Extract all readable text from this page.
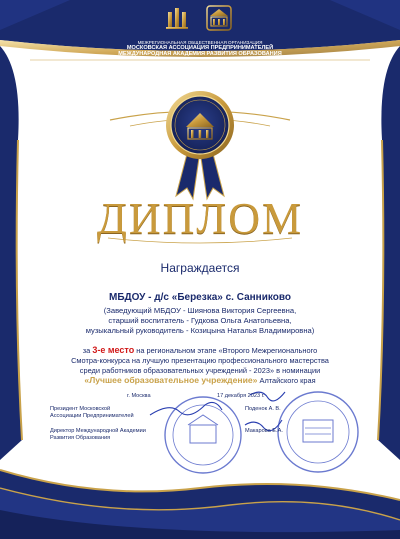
МЕЖРЕГИОНАЛЬНАЯ ОБЩЕСТВЕННАЯ ОРГАНИЗАЦИЯ
МОСКОВСКАЯ АССОЦИАЦИЯ ПРЕДПРИНИМАТЕЛЕЙ
МЕЖДУНАРОДНАЯ АКАДЕМИЯ РАЗВИТИЯ ОБРАЗОВАНИЯ
ДИПЛОМ
Награждается
МБДОУ - д/с «Березка» с. Санниково
(Заведующий МБДОУ - Шиянова Виктория Сергеевна,
старший воспитатель - Гудкова Ольга Анатольевна,
музыкальный руководитель - Козицына Наталья Владимировна)
за 3-е место на региональном этапе «Второго Межрегионального
Смотра-конкурса на лучшую презентацию профессионального мастерства
среди работников образовательных учреждений - 2023» в номинации
«Лучшее образовательное учреждение» Алтайского края
г. Москва	17 декабря 2023 г.
Президент Московской
Ассоциации Предпринимателей
Поденок А. В.
Директор Международной Академии
Развития Образования
Макарова Е.А.
